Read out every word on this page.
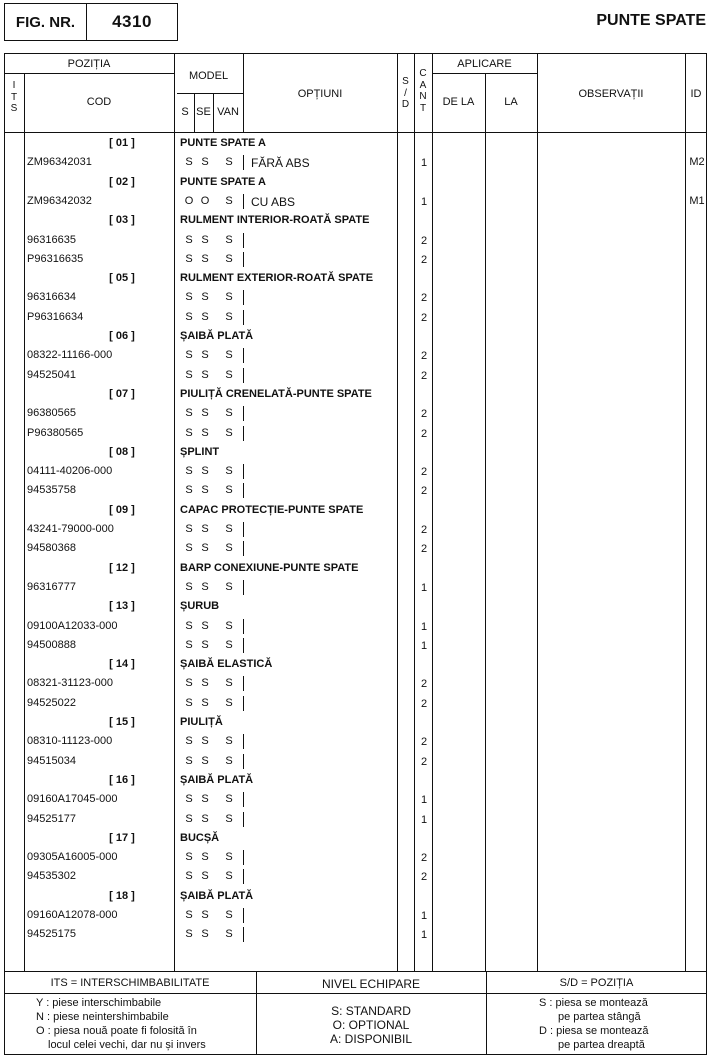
FIG. NR.	4310	PUNTE SPATE
POZIȚIA
I
T
S
COD
MODEL
S SE VAN
OPȚIUNI
S
/
D
C
A
N
T
APLICARE
DE LA	LA
OBSERVAȚII	ID
[ 01 ]	PUNTE SPATE A
ZM96342031	S S	S FĂRĂ ABS	1	M2
[ 02 ]	PUNTE SPATE A
ZM96342032	O O	S CU ABS	1	M1
[ 03 ]	RULMENT INTERIOR-ROATĂ SPATE
96316635	S S	S	2
P96316635	S S	S	2
[ 05 ]	RULMENT EXTERIOR-ROATĂ SPATE
96316634	S S	S	2
P96316634	S S	S	2
[ 06 ]	ȘAIBĂ PLATĂ
08322-11166-000	S S	S	2
94525041	S S	S	2
[ 07 ]	PIULIȚĂ CRENELATĂ-PUNTE SPATE
96380565	S S	S	2
P96380565	S S	S	2
[ 08 ]	ȘPLINT
04111-40206-000	S S	S	2
94535758	S S	S	2
[ 09 ]	CAPAC PROTECȚIE-PUNTE SPATE
43241-79000-000	S S	S	2
94580368	S S	S	2
[ 12 ]	BARP CONEXIUNE-PUNTE SPATE
96316777	S S	S	1
[ 13 ]	ȘURUB
09100A12033-000	S S	S	1
94500888	S S	S	1
[ 14 ]	ȘAIBĂ ELASTICĂ
08321-31123-000	S S	S	2
94525022	S S	S	2
[ 15 ]	PIULIȚĂ
08310-11123-000	S S	S	2
94515034	S S	S	2
[ 16 ]	ȘAIBĂ PLATĂ
09160A17045-000	S S	S	1
94525177	S S	S	1
[ 17 ]	BUCȘĂ
09305A16005-000	S S	S	2
94535302	S S	S	2
[ 18 ]	ȘAIBĂ PLATĂ
09160A12078-000	S S	S	1
94525175	S S	S	1
ITS = INTERSCHIMBABILITATE	NIVEL ECHIPARE	S/D = POZIȚIA
Y : piese interschimbabile
N : piese neintershimbabile
O : piesa nouă poate fi folosită în
locul celei vechi, dar nu și invers
S: STANDARD
O: OPTIONAL
A: DISPONIBIL
S : piesa se montează
pe partea stângă
D : piesa se montează
pe partea dreaptă
